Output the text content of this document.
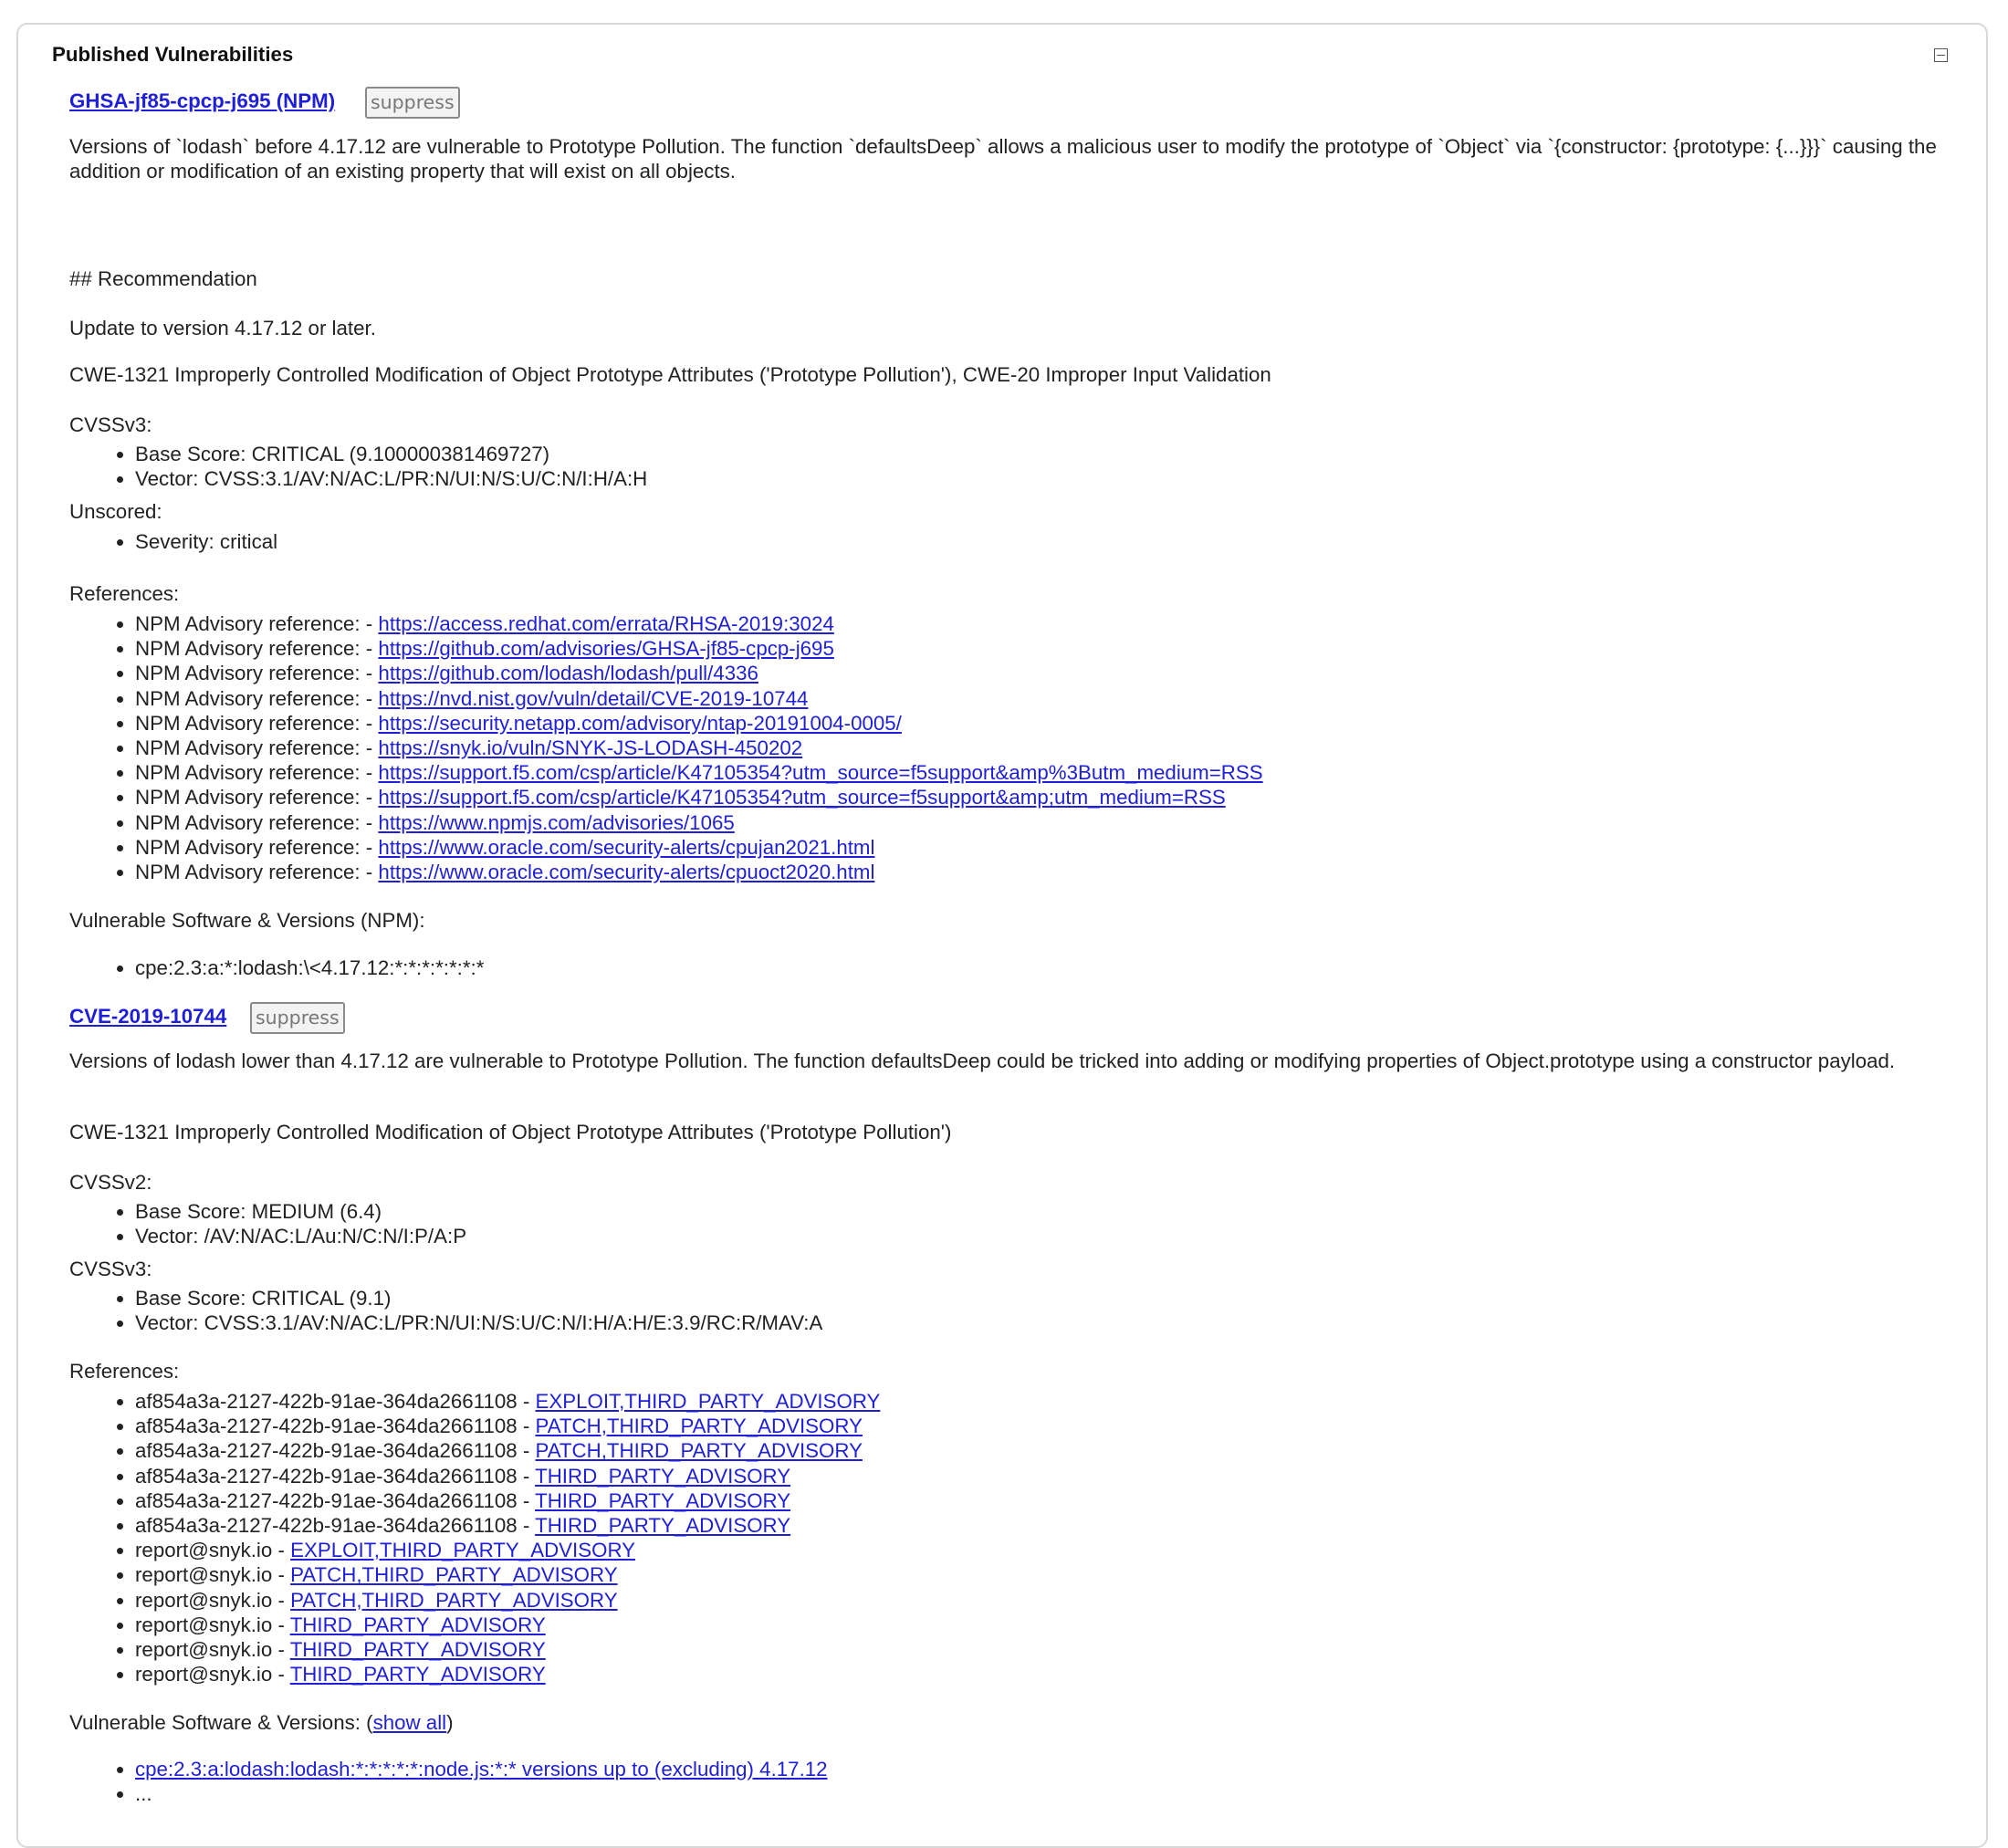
Published Vulnerabilities
GHSA-jf85-cpcp-j695 (NPM) suppress
Versions of `lodash` before 4.17.12 are vulnerable to Prototype Pollution. The function `defaultsDeep` allows a malicious user to modify the prototype of `Object` via `{constructor: {prototype: {...}}}` causing the addition or modification of an existing property that will exist on all objects.
## Recommendation
Update to version 4.17.12 or later.
CWE-1321 Improperly Controlled Modification of Object Prototype Attributes ('Prototype Pollution'), CWE-20 Improper Input Validation
CVSSv3:
Base Score: CRITICAL (9.100000381469727)
Vector: CVSS:3.1/AV:N/AC:L/PR:N/UI:N/S:U/C:N/I:H/A:H
Unscored:
Severity: critical
References:
NPM Advisory reference: - https://access.redhat.com/errata/RHSA-2019:3024
NPM Advisory reference: - https://github.com/advisories/GHSA-jf85-cpcp-j695
NPM Advisory reference: - https://github.com/lodash/lodash/pull/4336
NPM Advisory reference: - https://nvd.nist.gov/vuln/detail/CVE-2019-10744
NPM Advisory reference: - https://security.netapp.com/advisory/ntap-20191004-0005/
NPM Advisory reference: - https://snyk.io/vuln/SNYK-JS-LODASH-450202
NPM Advisory reference: - https://support.f5.com/csp/article/K47105354?utm_source=f5support&amp%3Butm_medium=RSS
NPM Advisory reference: - https://support.f5.com/csp/article/K47105354?utm_source=f5support&amp;utm_medium=RSS
NPM Advisory reference: - https://www.npmjs.com/advisories/1065
NPM Advisory reference: - https://www.oracle.com/security-alerts/cpujan2021.html
NPM Advisory reference: - https://www.oracle.com/security-alerts/cpuoct2020.html
Vulnerable Software & Versions (NPM):
cpe:2.3:a:*:lodash:\<4.17.12:*:*:*:*:*:*:*
CVE-2019-10744 suppress
Versions of lodash lower than 4.17.12 are vulnerable to Prototype Pollution. The function defaultsDeep could be tricked into adding or modifying properties of Object.prototype using a constructor payload.
CWE-1321 Improperly Controlled Modification of Object Prototype Attributes ('Prototype Pollution')
CVSSv2:
Base Score: MEDIUM (6.4)
Vector: /AV:N/AC:L/Au:N/C:N/I:P/A:P
CVSSv3:
Base Score: CRITICAL (9.1)
Vector: CVSS:3.1/AV:N/AC:L/PR:N/UI:N/S:U/C:N/I:H/A:H/E:3.9/RC:R/MAV:A
References:
af854a3a-2127-422b-91ae-364da2661108 - EXPLOIT,THIRD_PARTY_ADVISORY
af854a3a-2127-422b-91ae-364da2661108 - PATCH,THIRD_PARTY_ADVISORY
af854a3a-2127-422b-91ae-364da2661108 - PATCH,THIRD_PARTY_ADVISORY
af854a3a-2127-422b-91ae-364da2661108 - THIRD_PARTY_ADVISORY
af854a3a-2127-422b-91ae-364da2661108 - THIRD_PARTY_ADVISORY
af854a3a-2127-422b-91ae-364da2661108 - THIRD_PARTY_ADVISORY
report@snyk.io - EXPLOIT,THIRD_PARTY_ADVISORY
report@snyk.io - PATCH,THIRD_PARTY_ADVISORY
report@snyk.io - PATCH,THIRD_PARTY_ADVISORY
report@snyk.io - THIRD_PARTY_ADVISORY
report@snyk.io - THIRD_PARTY_ADVISORY
report@snyk.io - THIRD_PARTY_ADVISORY
Vulnerable Software & Versions: (show all)
cpe:2.3:a:lodash:lodash:*:*:*:*:*:node.js:*:* versions up to (excluding) 4.17.12
...
